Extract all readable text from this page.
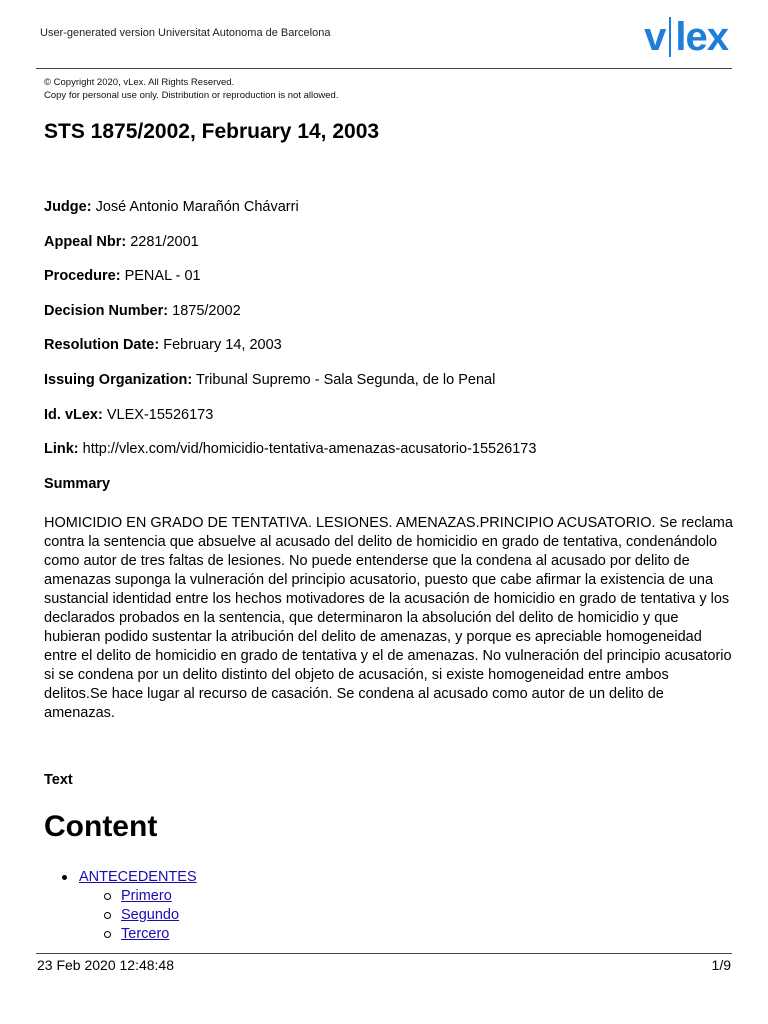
User-generated version Universitat Autonoma de Barcelona	v lex
© Copyright 2020, vLex. All Rights Reserved.
Copy for personal use only. Distribution or reproduction is not allowed.
STS 1875/2002, February 14, 2003
Judge: José Antonio Marañón Chávarri
Appeal Nbr: 2281/2001
Procedure: PENAL - 01
Decision Number: 1875/2002
Resolution Date: February 14, 2003
Issuing Organization: Tribunal Supremo - Sala Segunda, de lo Penal
Id. vLex: VLEX-15526173
Link: http://vlex.com/vid/homicidio-tentativa-amenazas-acusatorio-15526173
Summary
HOMICIDIO EN GRADO DE TENTATIVA. LESIONES. AMENAZAS.PRINCIPIO ACUSATORIO. Se reclama contra la sentencia que absuelve al acusado del delito de homicidio en grado de tentativa, condenándolo como autor de tres faltas de lesiones. No puede entenderse que la condena al acusado por delito de amenazas suponga la vulneración del principio acusatorio, puesto que cabe afirmar la existencia de una sustancial identidad entre los hechos motivadores de la acusación de homicidio en grado de tentativa y los declarados probados en la sentencia, que determinaron la absolución del delito de homicidio y que hubieran podido sustentar la atribución del delito de amenazas, y porque es apreciable homogeneidad entre el delito de homicidio en grado de tentativa y el de amenazas. No vulneración del principio acusatorio si se condena por un delito distinto del objeto de acusación, si existe homogeneidad entre ambos delitos.Se hace lugar al recurso de casación. Se condena al acusado como autor de un delito de amenazas.
Text
Content
ANTECEDENTES
Primero
Segundo
Tercero
23 Feb 2020 12:48:48	1/9
